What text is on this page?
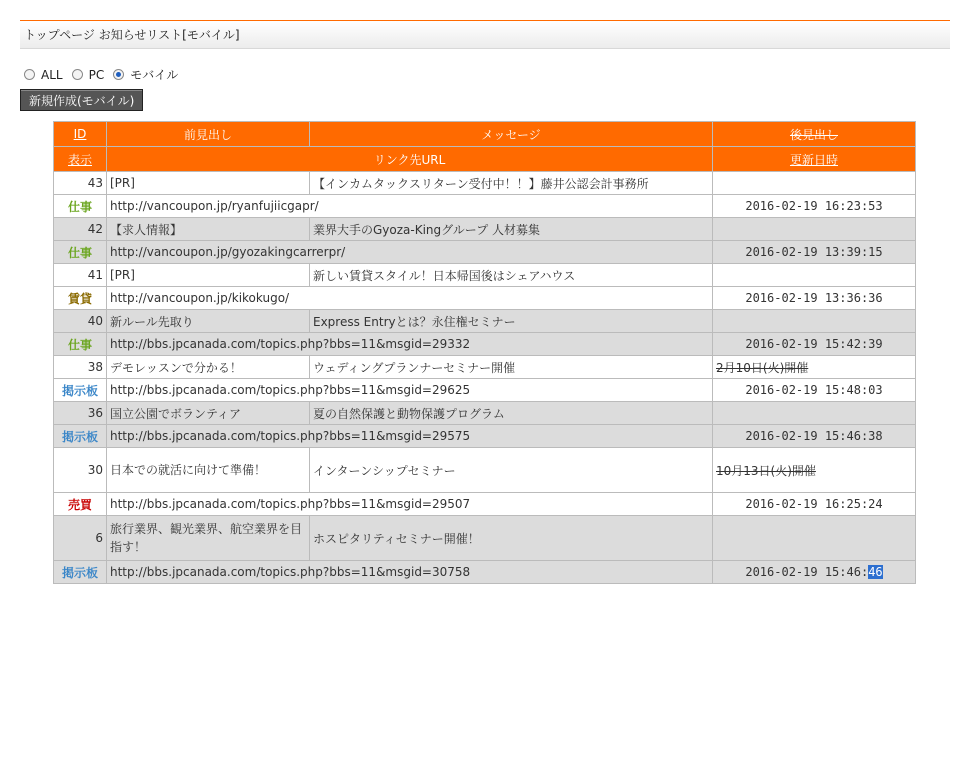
トップページ お知らせリスト[モバイル]
ALL PC モバイル
新規作成(モバイル)
ID	前見出し	メッセージ	後見出し
表示	リンク先URL		更新日時
43	[PR]	【インカムタックスリターン受付中！！】藤井公認会計事務所	
仕事	http://vancoupon.jp/ryanfujiicgapr/		2016-02-19 16:23:53
42	【求人情報】	業界大手のGyoza-Kingグループ 人材募集	
仕事	http://vancoupon.jp/gyozakingcarrerpr/		2016-02-19 13:39:15
41	[PR]	新しい賃貸スタイル！日本帰国後はシェアハウス	
賃貸	http://vancoupon.jp/kikokugo/		2016-02-19 13:36:36
40	新ルール先取り	Express Entryとは？永住権セミナー	
仕事	http://bbs.jpcanada.com/topics.php?bbs=11&msgid=29332		2016-02-19 15:42:39
38	デモレッスンで分かる！	ウェディングプランナーセミナー開催	2月10日(火)開催
掲示板	http://bbs.jpcanada.com/topics.php?bbs=11&msgid=29625		2016-02-19 15:48:03
36	国立公園でボランティア	夏の自然保護と動物保護プログラム	
掲示板	http://bbs.jpcanada.com/topics.php?bbs=11&msgid=29575		2016-02-19 15:46:38
30	日本での就活に向けて準備！	インターンシップセミナー	10月13日(火)開催
売買	http://bbs.jpcanada.com/topics.php?bbs=11&msgid=29507		2016-02-19 16:25:24
6	旅行業界、観光業界、航空業界を目指す！	ホスピタリティセミナー開催！	
掲示板	http://bbs.jpcanada.com/topics.php?bbs=11&msgid=30758		2016-02-19 15:46:46
